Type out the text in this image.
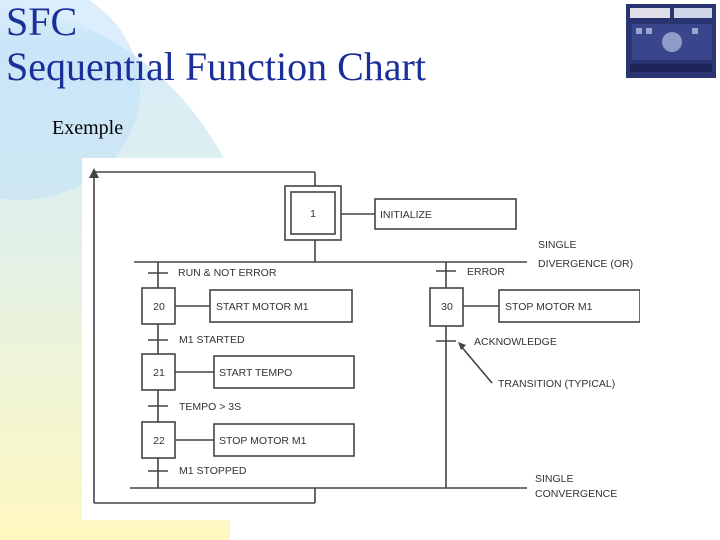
SFC
Sequential Function Chart
Exemple
1
20
21
22
30
INITIALIZE
START MOTOR M1
START TEMPO
STOP MOTOR M1
STOP MOTOR M1
RUN & NOT ERROR	ERROR
M1 STARTED
TEMPO > 3S
M1 STOPPED
ACKNOWLEDGE
SINGLE
DIVERGENCE (OR)
TRANSITION (TYPICAL)
SINGLE
CONVERGENCE
